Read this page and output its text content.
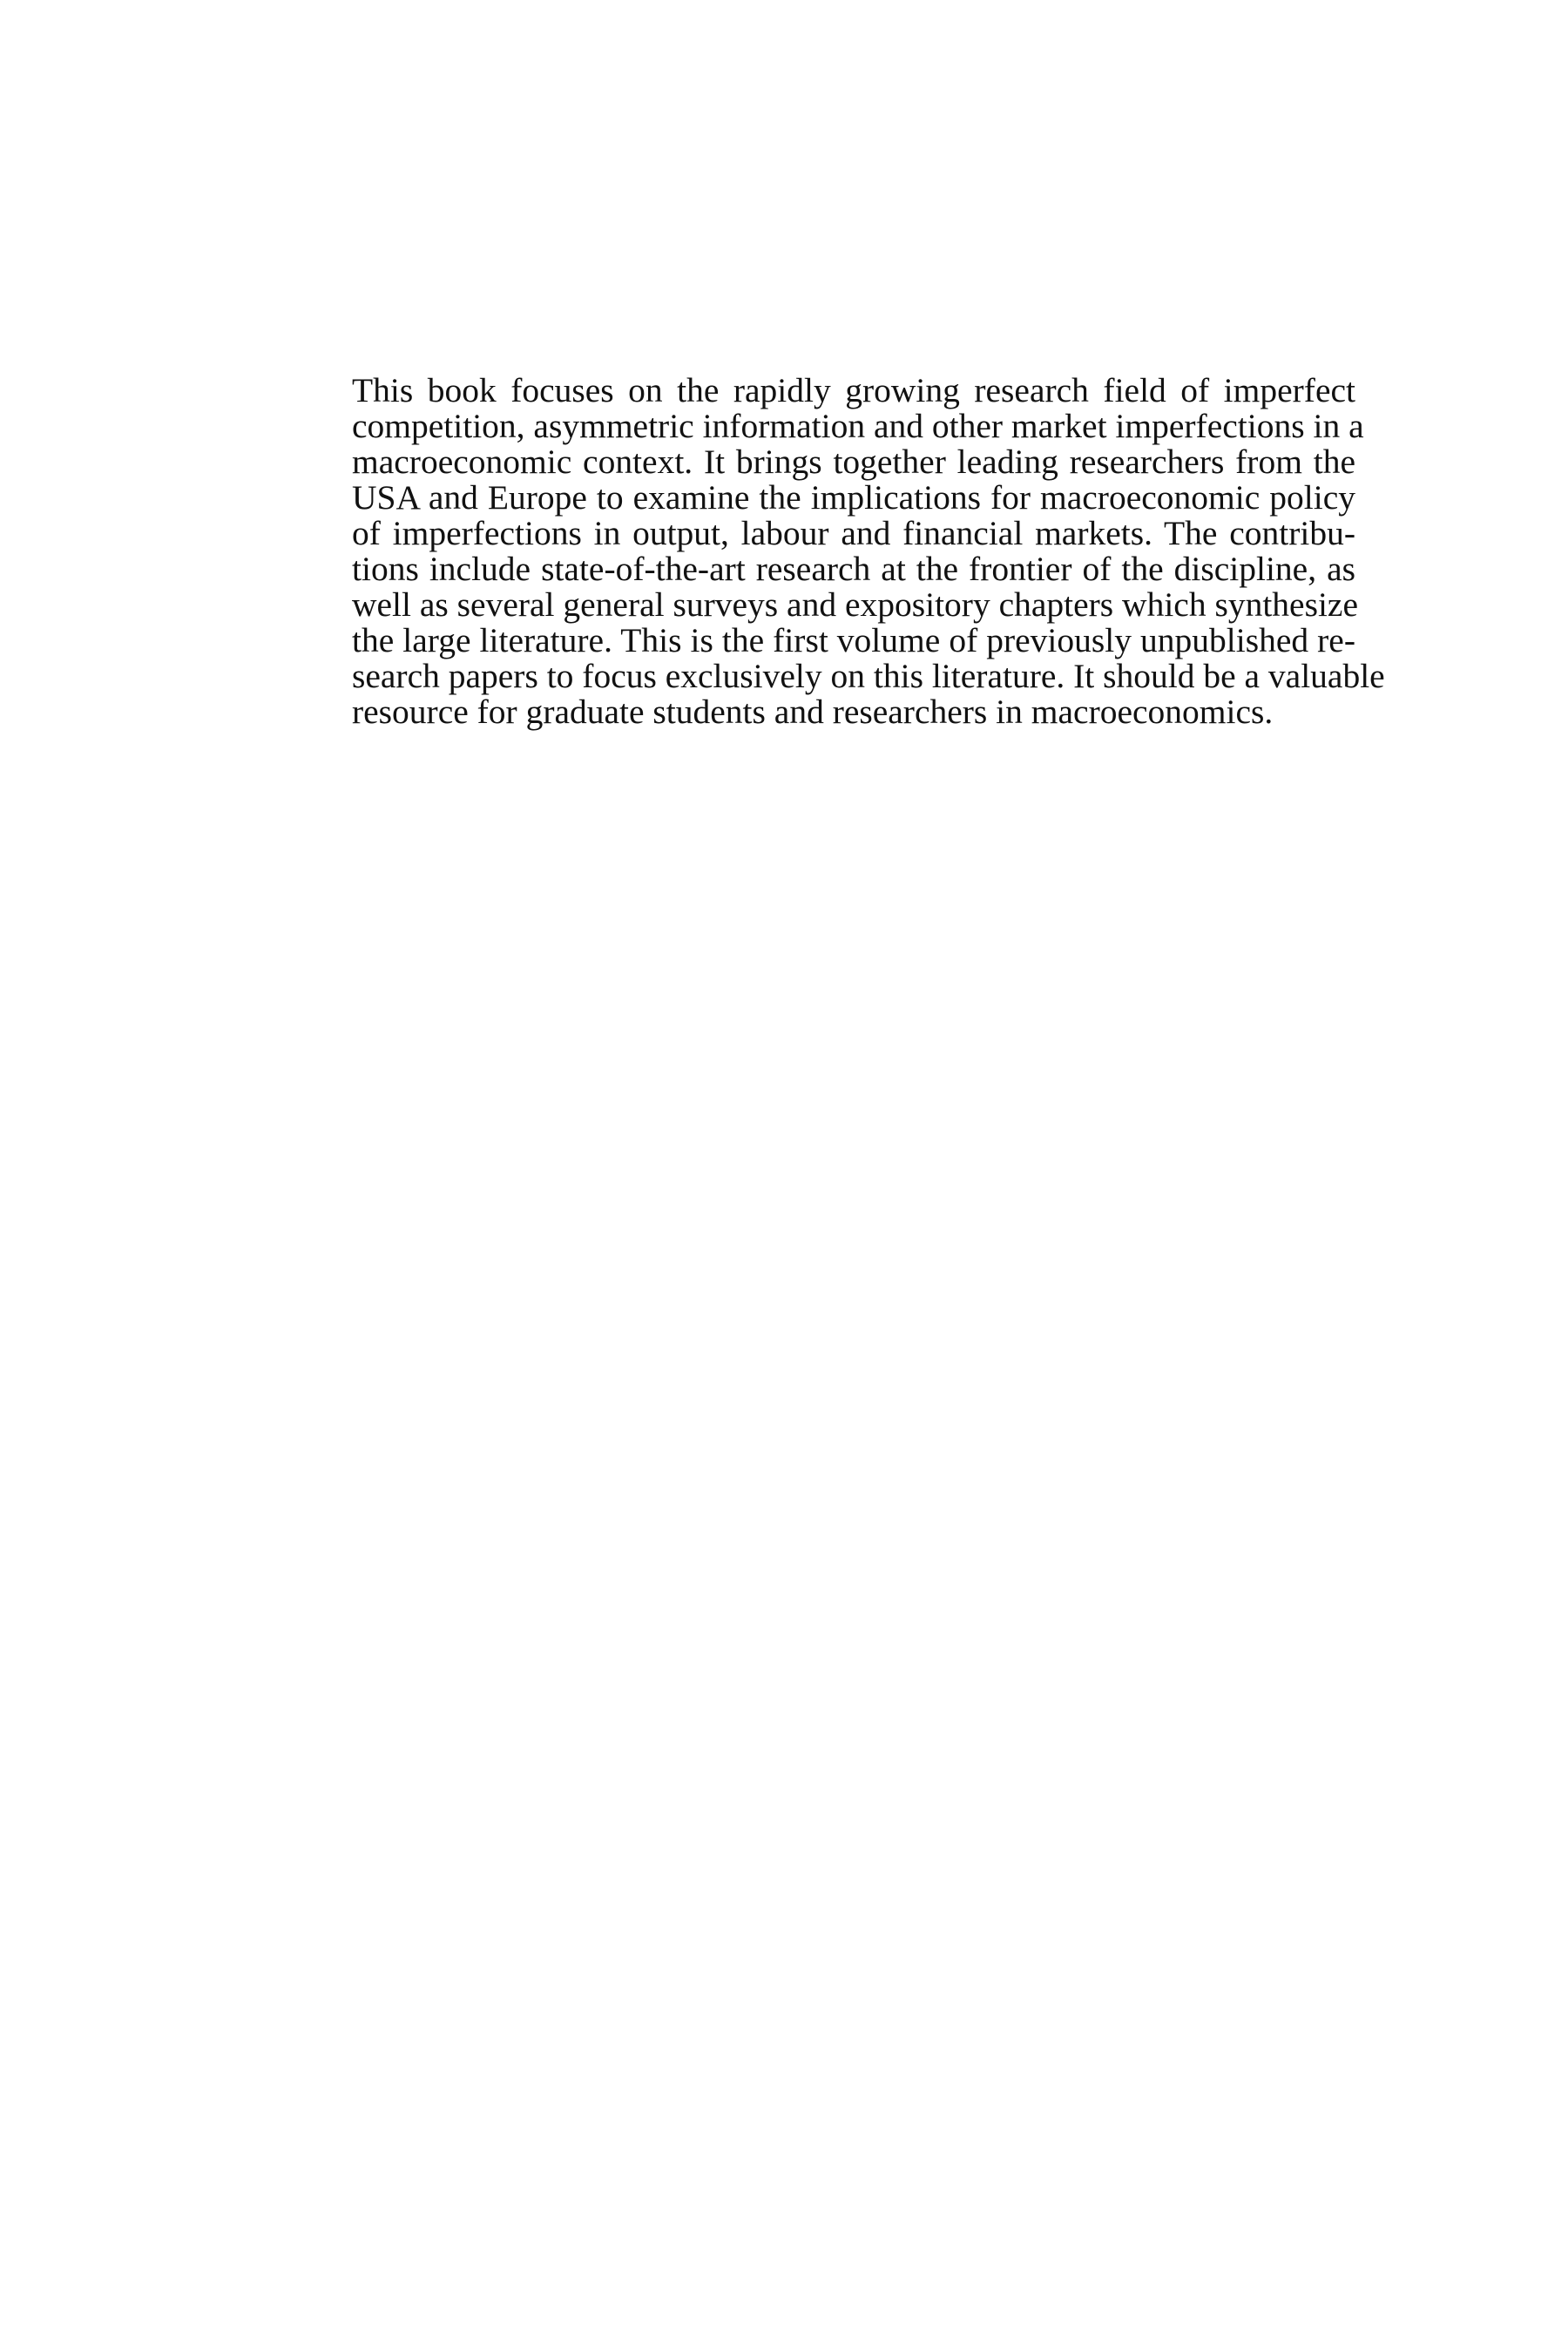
This book focuses on the rapidly growing research field of imperfect
competition, asymmetric information and other market imperfections in a
macroeconomic context. It brings together leading researchers from the
USA and Europe to examine the implications for macroeconomic policy
of imperfections in output, labour and financial markets. The contribu-
tions include state-of-the-art research at the frontier of the discipline, as
well as several general surveys and expository chapters which synthesize
the large literature. This is the first volume of previously unpublished re-
search papers to focus exclusively on this literature. It should be a valuable
resource for graduate students and researchers in macroeconomics.
